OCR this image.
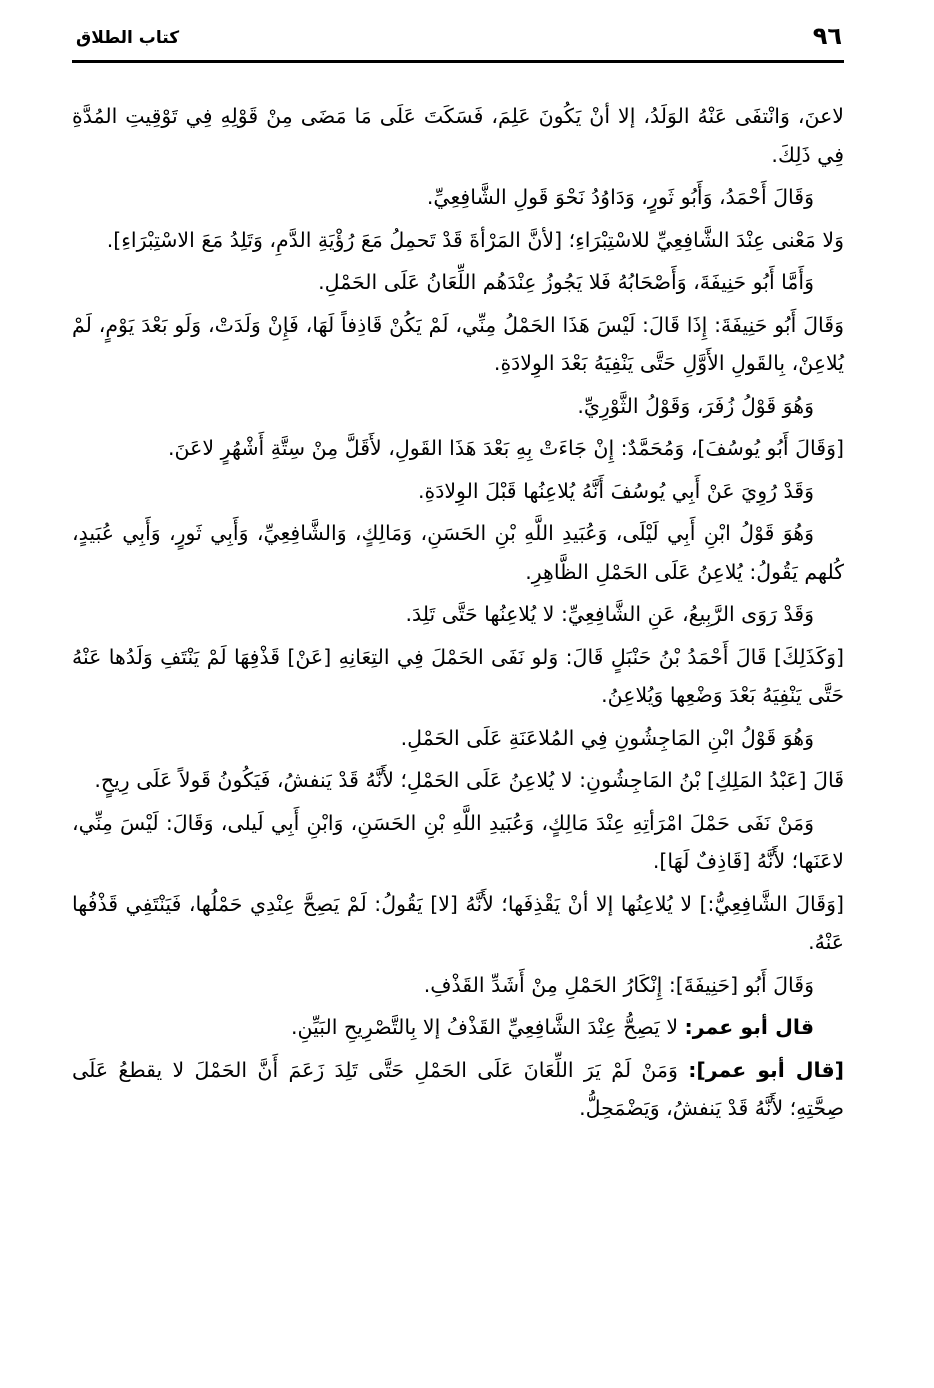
٩٦
كتاب الطلاق

لاعنَ، وَانْتفَى عَنْهُ الوَلَدُ، إلا أنْ يَكُونَ عَلِمَ، فَسَكَتَ عَلَى مَا مَضَى مِنْ قَوْلِهِ فِي تَوْقِيتِ المُدَّةِ فِي ذَلِكَ.

وَقَالَ أَحْمَدُ، وَأَبُو ثَورٍ، وَدَاوُدُ نَحْوَ قَولِ الشَّافِعِيِّ.

وَلا مَعْنى عِنْدَ الشَّافِعِيِّ للاسْتِبْرَاءِ؛ [لأنَّ المَرْأةَ قَدْ تَحمِلُ مَعَ رُؤْيَةِ الدَّمِ، وَتَلِدُ مَعَ الاسْتِبْرَاءِ].

وَأَمَّا أَبُو حَنِيفَةَ، وَأَصْحَابُهُ فَلا يَجُوزُ عِنْدَهُم اللِّعَانُ عَلَى الحَمْلِ.

وَقَالَ أَبُو حَنِيفَةَ: إِذَا قَالَ: لَيْسَ هَذَا الحَمْلُ مِنِّي، لَمْ يَكُنْ قَاذِفاً لَهَا، فَإِنْ وَلَدَتْ، وَلَو بَعْدَ يَوْمٍ، لَمْ يُلاعِنْ، بِالقَولِ الأَوَّلِ حَتَّى يَنْفِيَهُ بَعْدَ الوِلادَةِ.

وَهُوَ قَوْلُ زُفَرَ، وَقَوْلُ الثَّوْرِيِّ.

[وَقَالَ أَبُو يُوسُفَ]، وَمُحَمَّدٌ: إِنْ جَاءَتْ بِهِ بَعْدَ هَذَا القَولِ، لأَقَلَّ مِنْ سِتَّةِ أَشْهُرٍ لاعَنَ.

وَقَدْ رُوِيَ عَنْ أَبِي يُوسُفَ أَنَّهُ يُلاعِنُها قَبْلَ الوِلادَةِ.

وَهُوَ قَوْلُ ابْنِ أَبِي لَيْلَى، وَعُبَيدِ اللَّهِ بْنِ الحَسَنِ، وَمَالِكٍ، وَالشَّافِعِيِّ، وَأَبِي ثَورٍ، وَأَبِي عُبَيدٍ، كُلهم يَقُولُ: يُلاعِنُ عَلَى الحَمْلِ الظَّاهِرِ.

وَقَدْ رَوَى الرَّبِيعُ، عَنِ الشَّافِعِيِّ: لا يُلاعِنُها حَتَّى تَلِدَ.

[وَكَذَلِكَ] قَالَ أَحْمَدُ بْنُ حَنْبَلٍ قَالَ: وَلو نَفَى الحَمْلَ فِي التِعَانِهِ [عَنْ] قَذْفِهَا لَمْ يَنْتَفِ وَلَدُها عَنْهُ حَتَّى يَنْفِيَهُ بَعْدَ وَضْعِها وَيُلاعِنُ.

وَهُوَ قَوْلُ ابْنِ المَاجِشُونِ فِي المُلاعَنَةِ عَلَى الحَمْلِ.

قَالَ [عَبْدُ المَلِكِ] بْنُ المَاجِشُونِ: لا يُلاعِنُ عَلَى الحَمْلِ؛ لأَنَّهُ قَدْ يَنفشُ، فَيَكُونُ قَولاً عَلَى رِيحٍ.

وَمَنْ نَفَى حَمْلَ امْرَأتِهِ عِنْدَ مَالِكٍ، وَعُبَيدِ اللَّهِ بْنِ الحَسَنِ، وَابْنِ أَبِي لَيلى، وَقَالَ: لَيْسَ مِنِّي، لاعَنَها؛ لأَنَّهُ [قَاذِفٌ لَهَا].

[وَقَالَ الشَّافِعِيُّ:] لا يُلاعِنُها إلا أنْ يَقْذِفَها؛ لأَنَّهُ [لا] يَقُولُ: لَمْ يَصِحَّ عِنْدِي حَمْلُها، فَيَنْتَفِي قَذْفُها عَنْهُ.

وَقَالَ أَبُو [حَنِيفَةَ]: إِنْكَارُ الحَمْلِ مِنْ أَشَدِّ القَذْفِ.

قال أبو عمر: لا يَصِحُّ عِنْدَ الشَّافِعِيِّ القَذْفُ إلا بِالتَّصْرِيحِ البَيِّنِ.

[قال أبو عمر]: وَمَنْ لَمْ يَرَ اللِّعَانَ عَلَى الحَمْلِ حَتَّى تَلِدَ زَعَمَ أَنَّ الحَمْلَ لا يقطعُ عَلَى صِحَّتِهِ؛ لأَنَّهُ قَدْ يَنفشُ، وَيَضْمَحِلُّ.
